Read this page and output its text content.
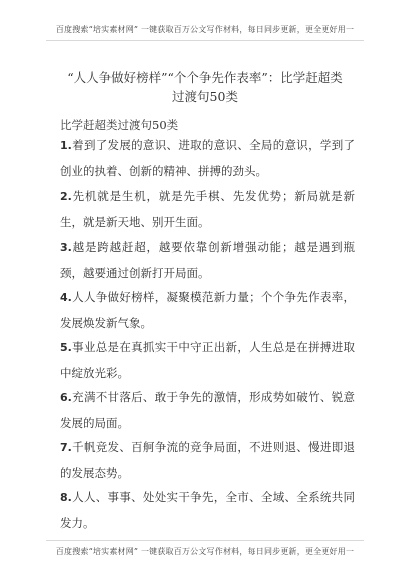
百度搜索“培实素材网” 一键获取百万公文写作材料，每日同步更新，更全更好用一
“人人争做好榜样”“个个争先作表率”：比学赶超类
过渡句50类
比学赶超类过渡句50类
1.着到了发展的意识、进取的意识、全局的意识，学到了创业的执着、创新的精神、拼搏的劲头。
2.先机就是生机，就是先手棋、先发优势；新局就是新生，就是新天地、别开生面。
3.越是跨越赶超，越要依靠创新增强动能；越是遇到瓶颈，越要通过创新打开局面。
4.人人争做好榜样，凝聚模范新力量；个个争先作表率，发展焕发新气象。
5.事业总是在真抓实干中守正出新，人生总是在拼搏进取中绽放光彩。
6.充满不甘落后、敢于争先的激情，形成势如破竹、锐意发展的局面。
7.千帆竞发、百舸争流的竞争局面，不进则退、慢进即退的发展态势。
8.人人、事事、处处实干争先，全市、全域、全系统共同发力。
百度搜索“培实素材网” 一键获取百万公文写作材料，每日同步更新，更全更好用一
